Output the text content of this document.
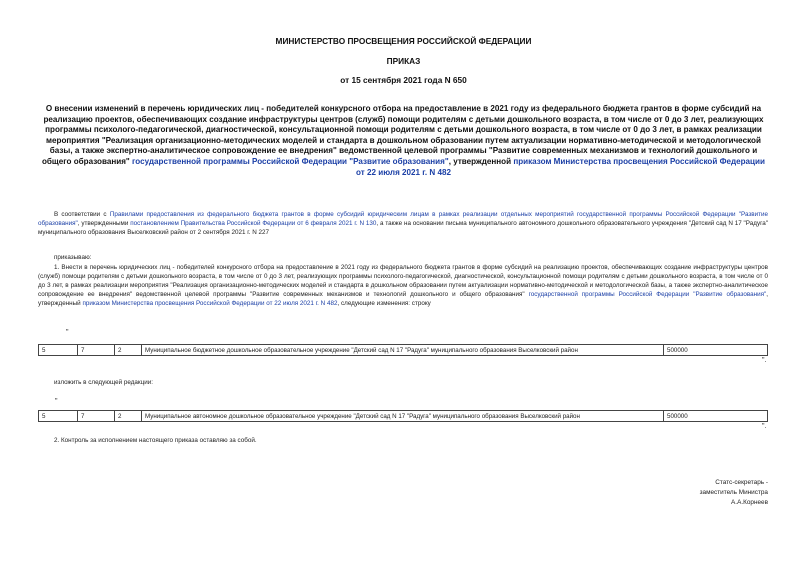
МИНИСТЕРСТВО ПРОСВЕЩЕНИЯ РОССИЙСКОЙ ФЕДЕРАЦИИ
ПРИКАЗ
от 15 сентября 2021 года N 650
О внесении изменений в перечень юридических лиц - победителей конкурсного отбора на предоставление в 2021 году из федерального бюджета грантов в форме субсидий на реализацию проектов, обеспечивающих создание инфраструктуры центров (служб) помощи родителям с детьми дошкольного возраста, в том числе от 0 до 3 лет, реализующих программы психолого-педагогической, диагностической, консультационной помощи родителям с детьми дошкольного возраста, в том числе от 0 до 3 лет, в рамках реализации мероприятия "Реализация организационно-методических моделей и стандарта в дошкольном образовании путем актуализации нормативно-методической и методологической базы, а также экспертно-аналитическое сопровождение ее внедрения" ведомственной целевой программы "Развитие современных механизмов и технологий дошкольного и общего образования" государственной программы Российской Федерации "Развитие образования", утвержденной приказом Министерства просвещения Российской Федерации от 22 июля 2021 г. N 482
В соответствии с Правилами предоставления из федерального бюджета грантов в форме субсидий юридическим лицам в рамках реализации отдельных мероприятий государственной программы Российской Федерации "Развитие образования", утвержденными постановлением Правительства Российской Федерации от 6 февраля 2021 г. N 130, а также на основании письма муниципального автономного дошкольного образовательного учреждения "Детский сад N 17 "Радуга" муниципального образования Выселковский район от 2 сентября 2021 г. N 227
приказываю:
1. Внести в перечень юридических лиц - победителей конкурсного отбора на предоставление в 2021 году из федерального бюджета грантов в форме субсидий на реализацию проектов, обеспечивающих создание инфраструктуры центров (служб) помощи родителям с детьми дошкольного возраста, в том числе от 0 до 3 лет, реализующих программы психолого-педагогической, диагностической, консультационной помощи родителям с детьми дошкольного возраста, в том числе от 0 до 3 лет, в рамках реализации мероприятия "Реализация организационно-методических моделей и стандарта в дошкольном образовании путем актуализации нормативно-методической и методологической базы, а также экспертно-аналитическое сопровождение ее внедрения" ведомственной целевой программы "Развитие современных механизмов и технологий дошкольного и общего образования" государственной программы Российской Федерации "Развитие образования", утвержденный приказом Министерства просвещения Российской Федерации от 22 июля 2021 г. N 482, следующие изменения: строку
"
5	7	2	Муниципальное бюджетное дошкольное образовательное учреждение "Детский сад N 17 "Радуга" муниципального образования Выселковский район	500000
".
изложить в следующей редакции:
"
5	7	2	Муниципальное автономное дошкольное образовательное учреждение "Детский сад N 17 "Радуга" муниципального образования Выселковский район	500000
".
2. Контроль за исполнением настоящего приказа оставляю за собой.
Статс-секретарь -
заместитель Министра
А.А.Корнеев
